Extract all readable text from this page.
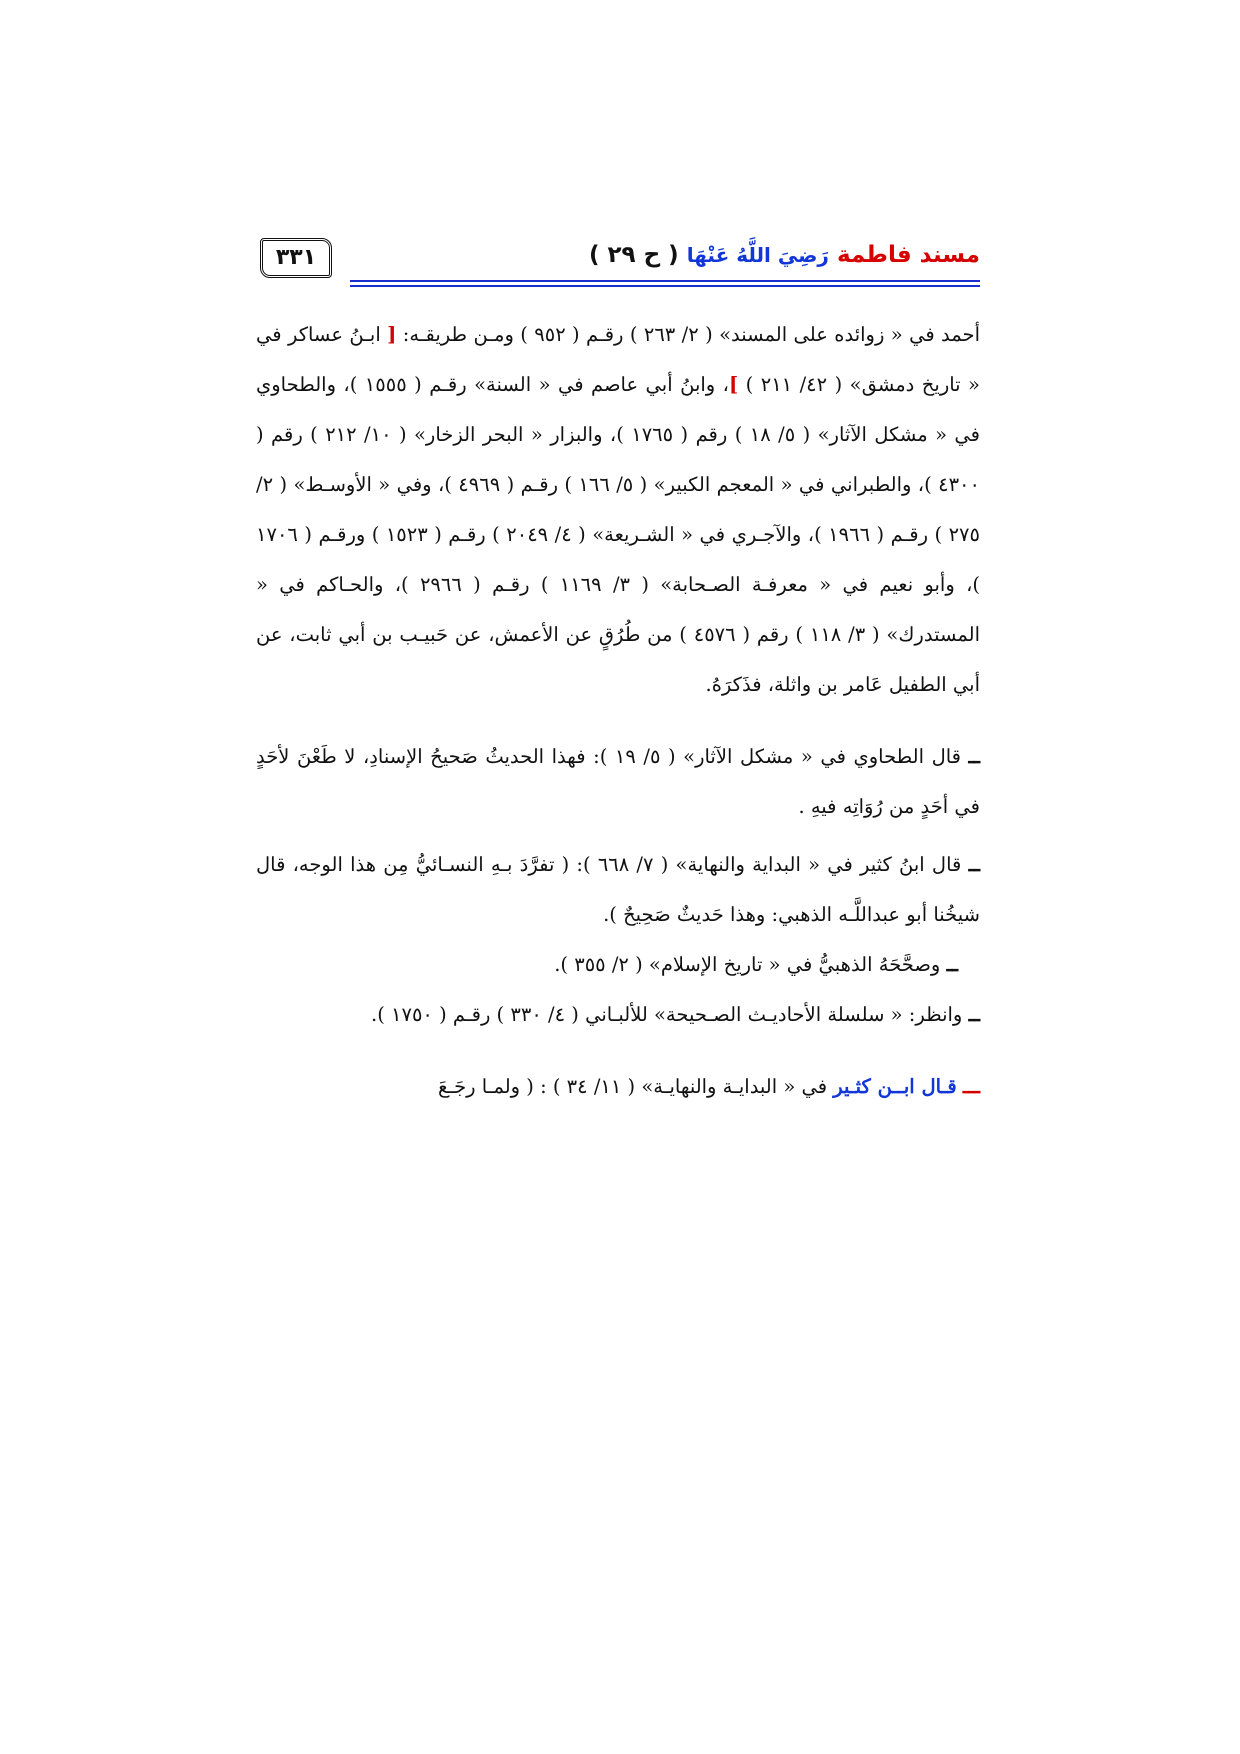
مسند فاطمة رَضِيَ اللَّهُ عَنْهَا ( ح ٢٩ )
٣٣١

أحمد في « زوائده على المسند» ( ٢/ ٢٦٣ ) رقـم ( ٩٥٢ ) ومـن طريقـه: [ ابـنُ عساكر في « تاريخ دمشق» ( ٤٢/ ٢١١ ) ]، وابنُ أبي عاصم في « السنة» رقـم ( ١٥٥٥ )، والطحاوي في « مشكل الآثار» ( ٥/ ١٨ ) رقم ( ١٧٦٥ )، والبزار « البحر الزخار» ( ١٠/ ٢١٢ ) رقم ( ٤٣٠٠ )، والطبراني في « المعجم الكبير» ( ٥/ ١٦٦ ) رقـم ( ٤٩٦٩ )، وفي « الأوسـط» ( ٢/ ٢٧٥ ) رقـم ( ١٩٦٦ )، والآجـري في « الشـريعة» ( ٤/ ٢٠٤٩ ) رقـم ( ١٥٢٣ ) ورقـم ( ١٧٠٦ )، وأبو نعيم في « معرفـة الصـحابة» ( ٣/ ١١٦٩ ) رقـم ( ٢٩٦٦ )، والحـاكم في « المستدرك» ( ٣/ ١١٨ ) رقم ( ٤٥٧٦ ) من طُرُقٍ عن الأعمش، عن حَبيـب بن أبي ثابت، عن أبي الطفيل عَامر بن واثلة، فذَكرَهُ.

ــ قال الطحاوي في « مشكل الآثار» ( ٥/ ١٩ ): فهذا الحديثُ صَحيحُ الإسنادِ، لا طَعْنَ لأحَدٍ في أحَدٍ من رُوَاتِه فيهِ .

ــ قال ابنُ كثير في « البداية والنهاية» ( ٧/ ٦٦٨ ): ( تفرَّدَ بـهِ النسـائيُّ مِن هذا الوجه، قال شيخُنا أبو عبداللَّـه الذهبي: وهذا حَديثٌ صَحِيحٌ ).

ــ وصحَّحَهُ الذهبيُّ في « تاريخ الإسلام» ( ٢/ ٣٥٥ ).

ــ وانظر: « سلسلة الأحاديـث الصـحيحة» للألبـاني ( ٤/ ٣٣٠ ) رقـم ( ١٧٥٠ ).

ـــ قـال ابــن كثـير في « البدايـة والنهايـة» ( ١١/ ٣٤ ) : ( ولمـا رجَـعَ
